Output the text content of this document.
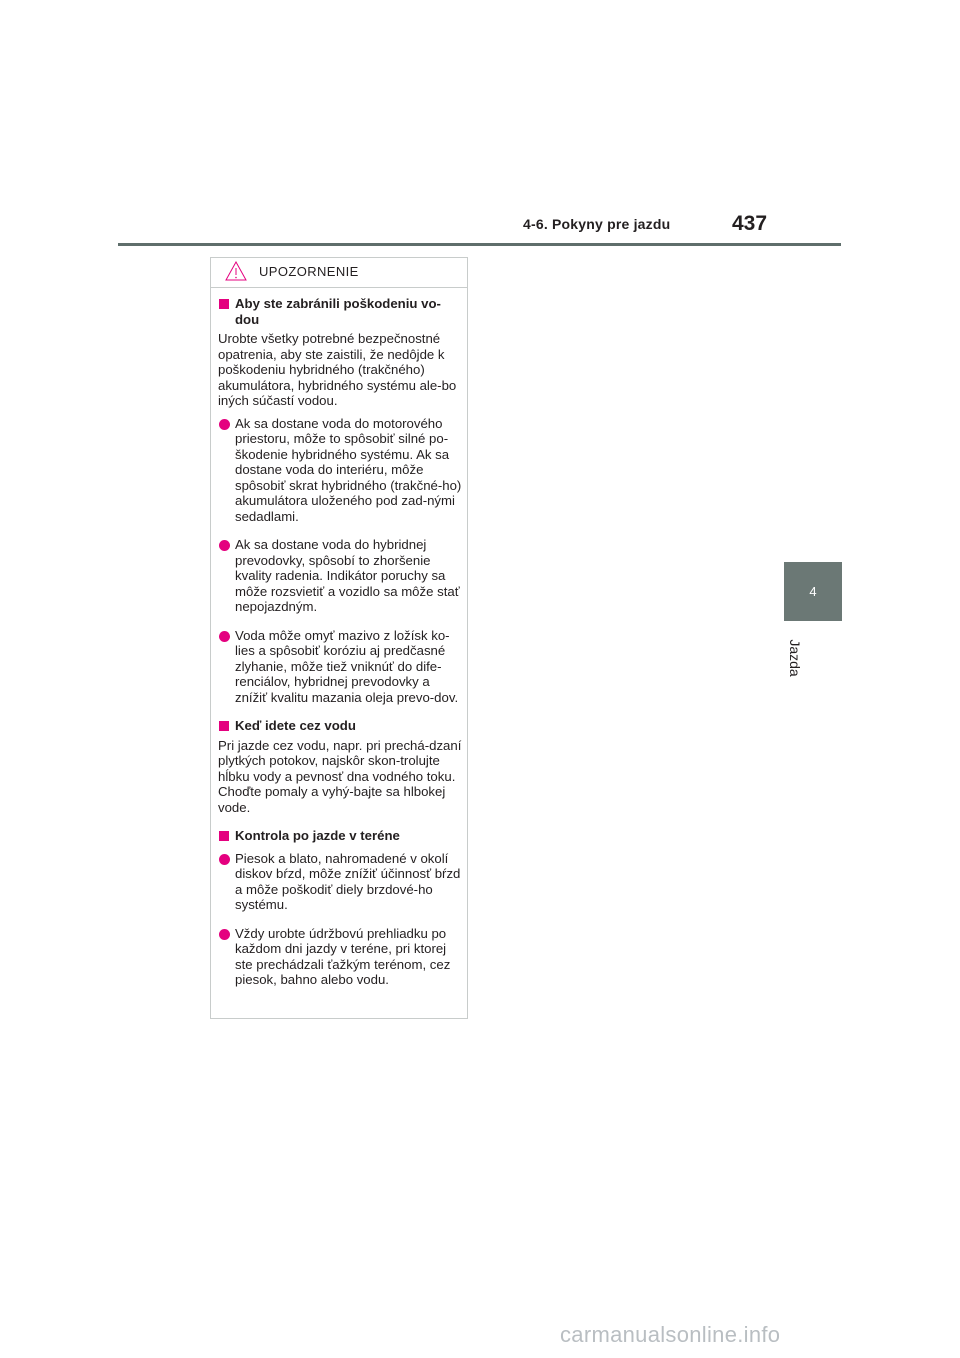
4-6. Pokyny pre jazdu	437
4
Jazda
UPOZORNENIE
Aby ste zabránili poškodeniu vo-dou
Urobte všetky potrebné bezpečnostné opatrenia, aby ste zaistili, že nedôjde k poškodeniu hybridného (trakčného) akumulátora, hybridného systému ale-bo iných súčastí vodou.
Ak sa dostane voda do motorového priestoru, môže to spôsobiť silné po-škodenie hybridného systému. Ak sa dostane voda do interiéru, môže spôsobiť skrat hybridného (trakčné-ho) akumulátora uloženého pod zad-nými sedadlami.
Ak sa dostane voda do hybridnej prevodovky, spôsobí to zhoršenie kvality radenia. Indikátor poruchy sa môže rozsvietiť a vozidlo sa môže stať nepojazdným.
Voda môže omyť mazivo z ložísk ko-lies a spôsobiť koróziu aj predčasné zlyhanie, môže tiež vniknúť do dife-renciálov, hybridnej prevodovky a znížiť kvalitu mazania oleja prevo-dov.
Keď idete cez vodu
Pri jazde cez vodu, napr. pri prechá-dzaní plytkých potokov, najskôr skon-trolujte hĺbku vody a pevnosť dna vodného toku. Choďte pomaly a vyhý-bajte sa hlbokej vode.
Kontrola po jazde v teréne
Piesok a blato, nahromadené v okolí diskov bŕzd, môže znížiť účinnosť bŕzd a môže poškodiť diely brzdové-ho systému.
Vždy urobte údržbovú prehliadku po každom dni jazdy v teréne, pri ktorej ste prechádzali ťažkým terénom, cez piesok, bahno alebo vodu.
carmanualsonline.info
